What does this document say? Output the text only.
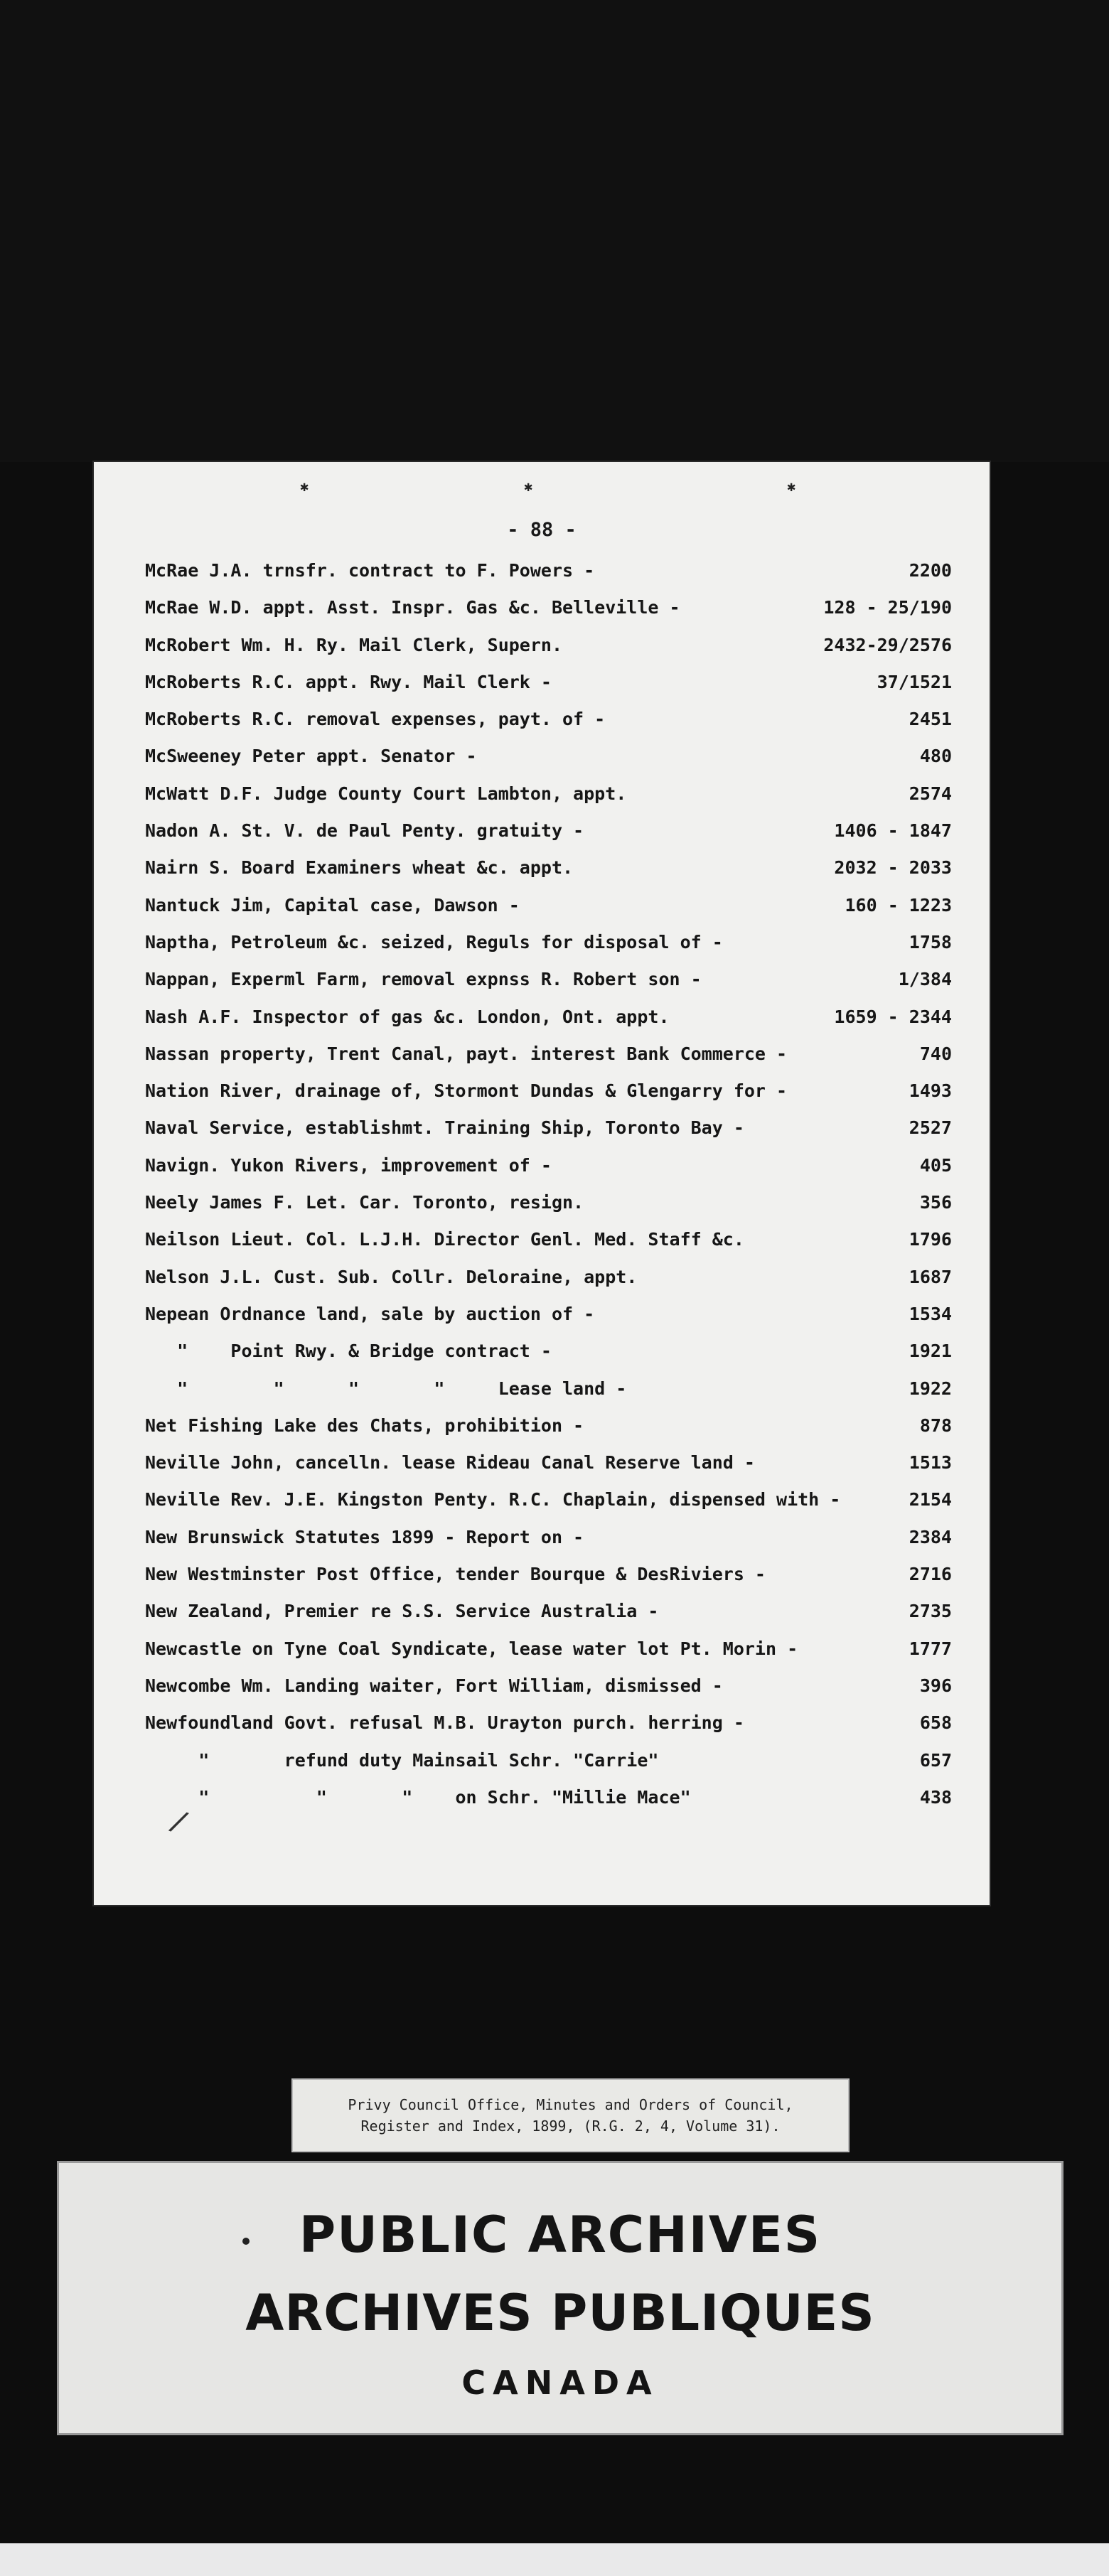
✱	✱	✱
- 88 -
McRae J.A. trnsfr. contract to F. Powers -	2200
McRae W.D. appt. Asst. Inspr. Gas &c. Belleville -	128 - 25/190
McRobert Wm. H. Ry. Mail Clerk, Supern.	2432-29/2576
McRoberts R.C. appt. Rwy. Mail Clerk -	37/1521
McRoberts R.C. removal expenses, payt. of -	2451
McSweeney Peter appt. Senator -	480
McWatt D.F. Judge County Court Lambton, appt.	2574
Nadon A. St. V. de Paul Penty. gratuity -	1406 - 1847
Nairn S. Board Examiners wheat &c. appt.	2032 - 2033
Nantuck Jim, Capital case, Dawson -	160 - 1223
Naptha, Petroleum &c. seized, Reguls for disposal of -	1758
Nappan, Experml Farm, removal expnss R. Robert son -	1/384
Nash A.F. Inspector of gas &c. London, Ont. appt.	1659 - 2344
Nassan property, Trent Canal, payt. interest Bank Commerce -	740
Nation River, drainage of, Stormont Dundas & Glengarry for -	1493
Naval Service, establishmt. Training Ship, Toronto Bay -	2527
Navign. Yukon Rivers, improvement of -	405
Neely James F. Let. Car. Toronto, resign.	356
Neilson Lieut. Col. L.J.H. Director Genl. Med. Staff &c.	1796
Nelson J.L. Cust. Sub. Collr. Deloraine, appt.	1687
Nepean Ordnance land, sale by auction of -	1534
"    Point Rwy. & Bridge contract -	1921
"        "      "       "     Lease land -	1922
Net Fishing Lake des Chats, prohibition -	878
Neville John, cancelln. lease Rideau Canal Reserve land -	1513
Neville Rev. J.E. Kingston Penty. R.C. Chaplain, dispensed with -	2154
New Brunswick Statutes 1899 - Report on -	2384
New Westminster Post Office, tender Bourque & DesRiviers -	2716
New Zealand, Premier re S.S. Service Australia -	2735
Newcastle on Tyne Coal Syndicate, lease water lot Pt. Morin -	1777
Newcombe Wm. Landing waiter, Fort William, dismissed -	396
Newfoundland Govt. refusal M.B. Urayton purch. herring -	658
"       refund duty Mainsail Schr. "Carrie"	657
"          "       "    on Schr. "Millie Mace"	438
/
Privy Council Office, Minutes and Orders of Council,
Register and Index, 1899, (R.G. 2, 4, Volume 31).
PUBLIC ARCHIVES
ARCHIVES PUBLIQUES
CANADA
